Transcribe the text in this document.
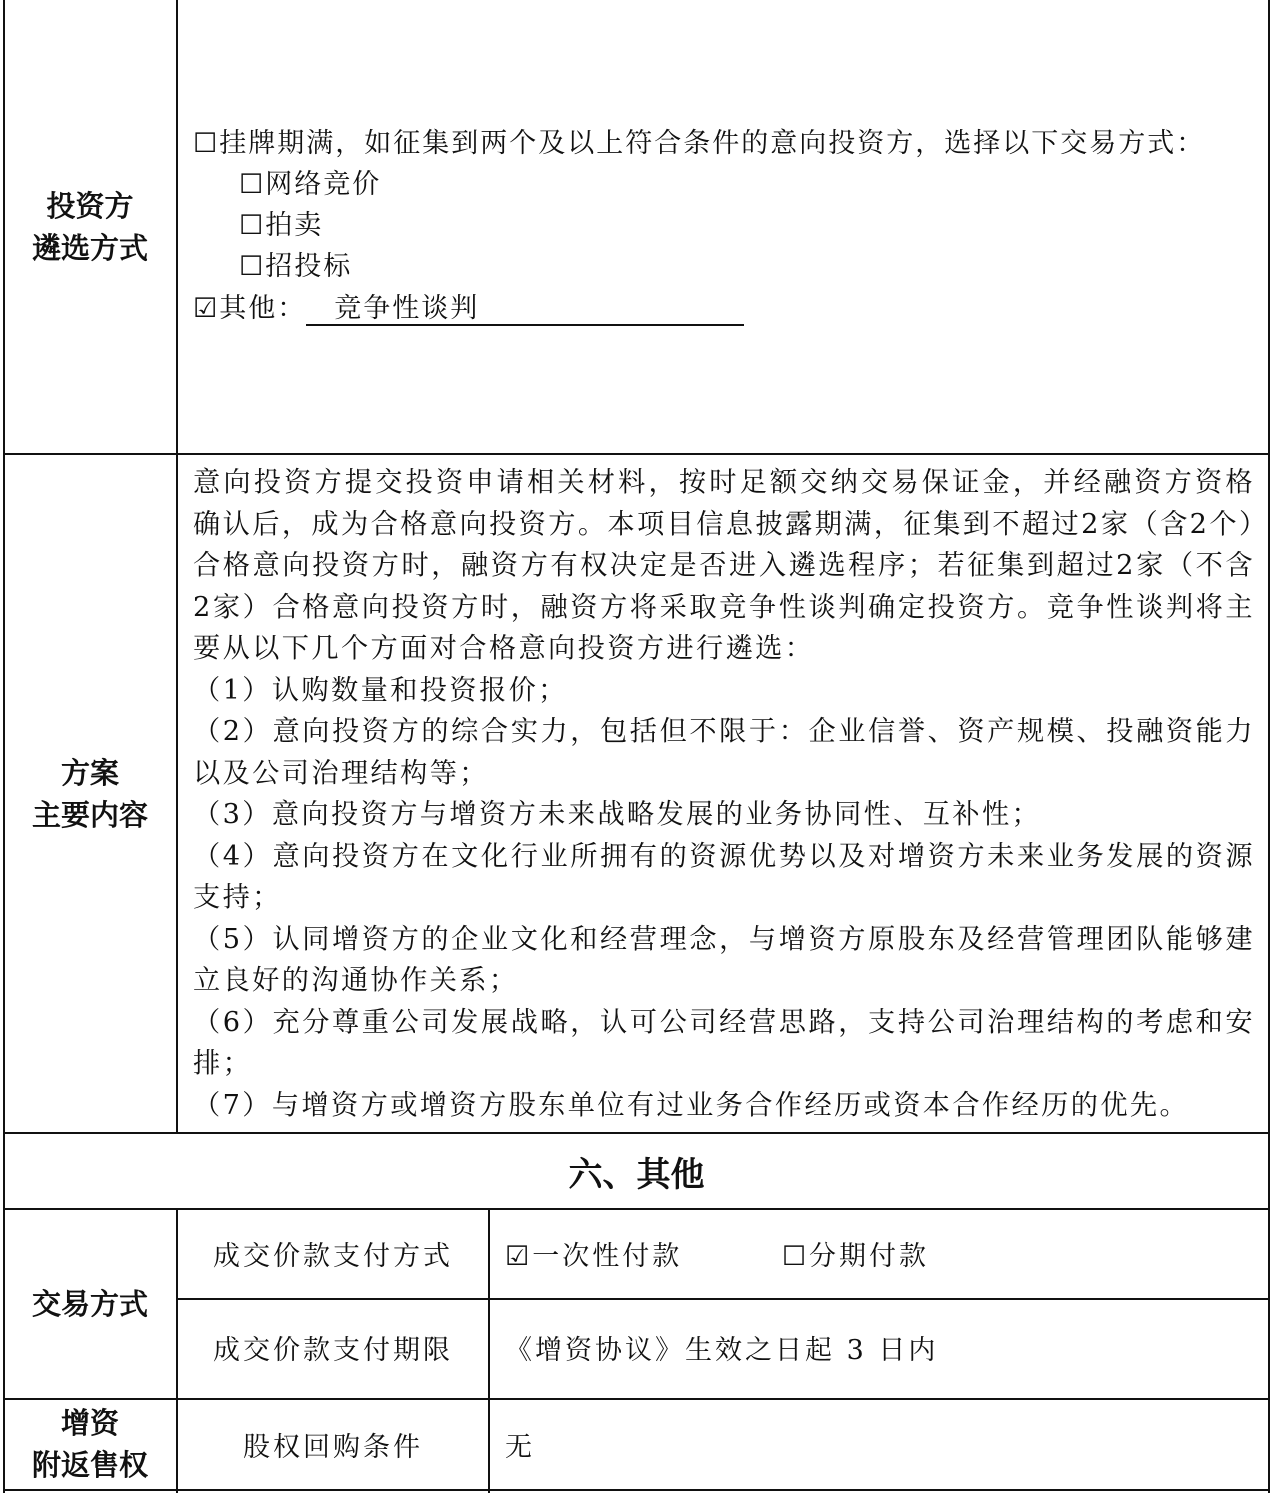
投资方
遴选方式
☐挂牌期满，如征集到两个及以上符合条件的意向投资方，选择以下交易方式：
☐网络竞价
☐拍卖
☐招投标
☑其他： 竞争性谈判
方案
主要内容

意向投资方提交投资申请相关材料，按时足额交纳交易保证金，并经融资方资格确认后，成为合格意向投资方。本项目信息披露期满，征集到不超过2家（含2个）合格意向投资方时，融资方有权决定是否进入遴选程序；若征集到超过2家（不含2家）合格意向投资方时，融资方将采取竞争性谈判确定投资方。竞争性谈判将主要从以下几个方面对合格意向投资方进行遴选：

（1）认购数量和投资报价；

（2）意向投资方的综合实力，包括但不限于：企业信誉、资产规模、投融资能力以及公司治理结构等；

（3）意向投资方与增资方未来战略发展的业务协同性、互补性；

（4）意向投资方在文化行业所拥有的资源优势以及对增资方未来业务发展的资源支持；

（5）认同增资方的企业文化和经营理念，与增资方原股东及经营管理团队能够建立良好的沟通协作关系；

（6）充分尊重公司发展战略，认可公司经营思路，支持公司治理结构的考虑和安排；

（7）与增资方或增资方股东单位有过业务合作经历或资本合作经历的优先。

六、其他
交易方式
成交价款支付方式	☑一次性付款	☐分期付款
成交价款支付期限	《增资协议》生效之日起 3 日内
增资
附返售权
股权回购条件	无
